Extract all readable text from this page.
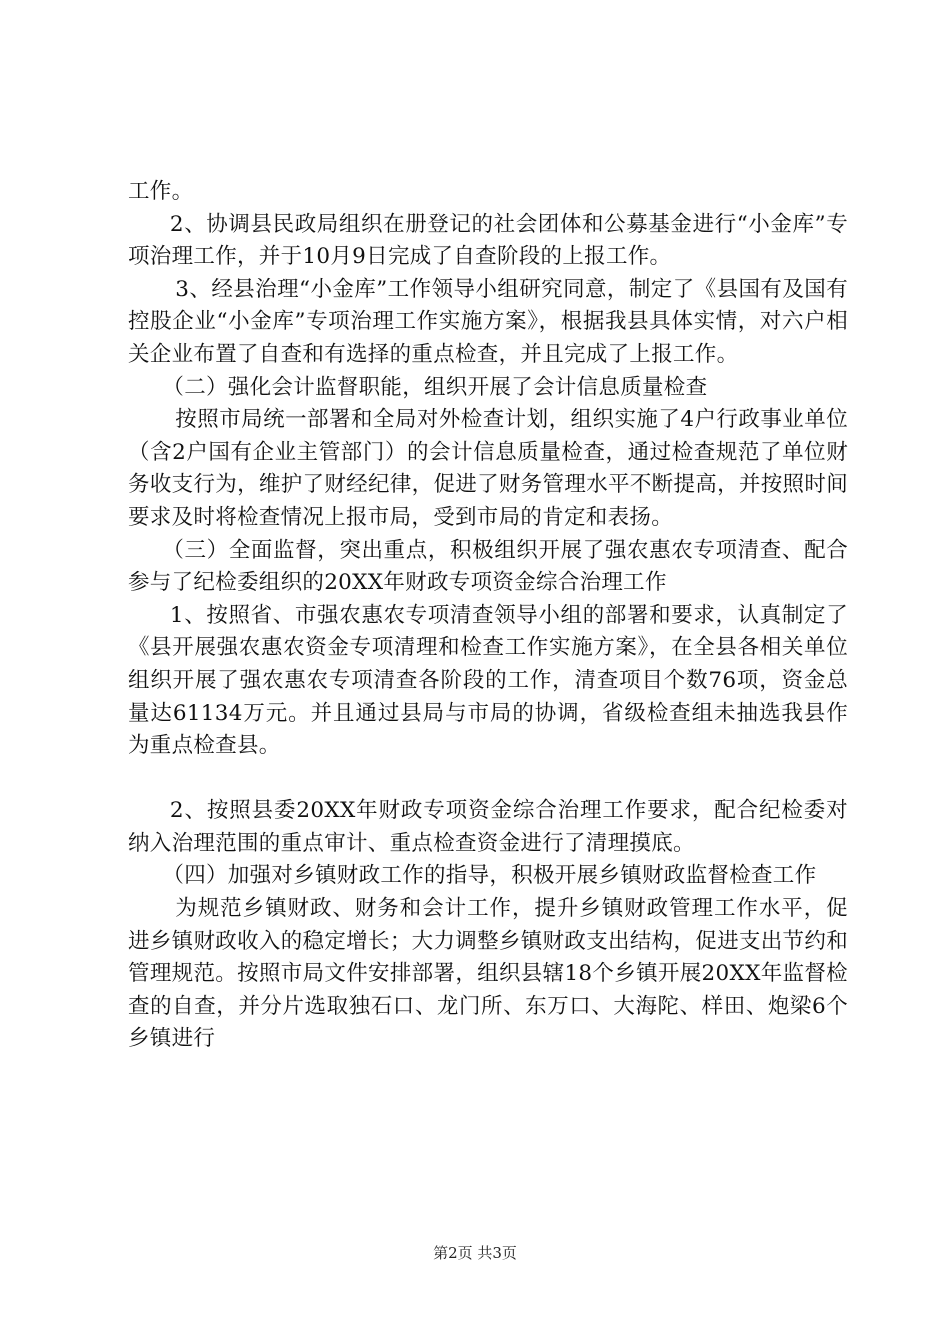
工作。

2、协调县民政局组织在册登记的社会团体和公募基金进行“小金库”专项治理工作，并于10月9日完成了自查阶段的上报工作。

3、经县治理“小金库”工作领导小组研究同意，制定了《县国有及国有控股企业“小金库”专项治理工作实施方案》，根据我县具体实情，对六户相关企业布置了自查和有选择的重点检查，并且完成了上报工作。

（二）强化会计监督职能，组织开展了会计信息质量检查

按照市局统一部署和全局对外检查计划，组织实施了4户行政事业单位（含2户国有企业主管部门）的会计信息质量检查，通过检查规范了单位财务收支行为，维护了财经纪律，促进了财务管理水平不断提高，并按照时间要求及时将检查情况上报市局，受到市局的肯定和表扬。

（三）全面监督，突出重点，积极组织开展了强农惠农专项清查、配合参与了纪检委组织的20XX年财政专项资金综合治理工作

1、按照省、市强农惠农专项清查领导小组的部署和要求，认真制定了《县开展强农惠农资金专项清理和检查工作实施方案》，在全县各相关单位组织开展了强农惠农专项清查各阶段的工作，清查项目个数76项，资金总量达61134万元。并且通过县局与市局的协调，省级检查组未抽选我县作为重点检查县。

2、按照县委20XX年财政专项资金综合治理工作要求，配合纪检委对纳入治理范围的重点审计、重点检查资金进行了清理摸底。

（四）加强对乡镇财政工作的指导，积极开展乡镇财政监督检查工作

为规范乡镇财政、财务和会计工作，提升乡镇财政管理工作水平，促进乡镇财政收入的稳定增长；大力调整乡镇财政支出结构，促进支出节约和管理规范。按照市局文件安排部署，组织县辖18个乡镇开展20XX年监督检查的自查，并分片选取独石口、龙门所、东万口、大海陀、样田、炮梁6个乡镇进行

第2页 共3页
